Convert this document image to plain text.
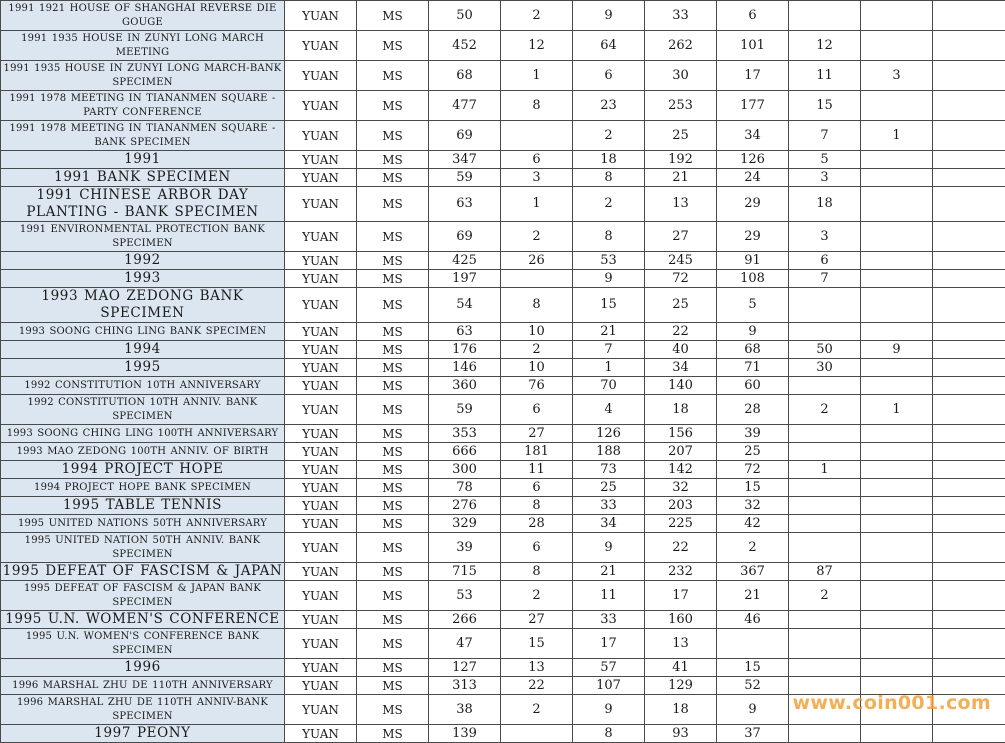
1991 1921 HOUSE OF SHANGHAI REVERSE DIE GOUGE	YUAN	MS	50	2	9	33	6			
1991 1935 HOUSE IN ZUNYI LONG MARCH MEETING	YUAN	MS	452	12	64	262	101	12		
1991 1935 HOUSE IN ZUNYI LONG MARCH-BANK SPECIMEN	YUAN	MS	68	1	6	30	17	11	3	
1991 1978 MEETING IN TIANANMEN SQUARE - PARTY CONFERENCE	YUAN	MS	477	8	23	253	177	15		
1991 1978 MEETING IN TIANANMEN SQUARE - BANK SPECIMEN	YUAN	MS	69		2	25	34	7	1	
1991	YUAN	MS	347	6	18	192	126	5		
1991 BANK SPECIMEN	YUAN	MS	59	3	8	21	24	3		
1991 CHINESE ARBOR DAY PLANTING - BANK SPECIMEN	YUAN	MS	63	1	2	13	29	18		
1991 ENVIRONMENTAL PROTECTION BANK SPECIMEN	YUAN	MS	69	2	8	27	29	3		
1992	YUAN	MS	425	26	53	245	91	6		
1993	YUAN	MS	197		9	72	108	7		
1993 MAO ZEDONG BANK SPECIMEN	YUAN	MS	54	8	15	25	5			
1993 SOONG CHING LING BANK SPECIMEN	YUAN	MS	63	10	21	22	9			
1994	YUAN	MS	176	2	7	40	68	50	9	
1995	YUAN	MS	146	10	1	34	71	30		
1992 CONSTITUTION 10TH ANNIVERSARY	YUAN	MS	360	76	70	140	60			
1992 CONSTITUTION 10TH ANNIV. BANK SPECIMEN	YUAN	MS	59	6	4	18	28	2	1	
1993 SOONG CHING LING 100TH ANNIVERSARY	YUAN	MS	353	27	126	156	39			
1993 MAO ZEDONG 100TH ANNIV. OF BIRTH	YUAN	MS	666	181	188	207	25			
1994 PROJECT HOPE	YUAN	MS	300	11	73	142	72	1		
1994 PROJECT HOPE BANK SPECIMEN	YUAN	MS	78	6	25	32	15			
1995 TABLE TENNIS	YUAN	MS	276	8	33	203	32			
1995 UNITED NATIONS 50TH ANNIVERSARY	YUAN	MS	329	28	34	225	42			
1995 UNITED NATION 50TH ANNIV. BANK SPECIMEN	YUAN	MS	39	6	9	22	2			
1995 DEFEAT OF FASCISM & JAPAN	YUAN	MS	715	8	21	232	367	87		
1995 DEFEAT OF FASCISM & JAPAN BANK SPECIMEN	YUAN	MS	53	2	11	17	21	2		
1995 U.N. WOMEN'S CONFERENCE	YUAN	MS	266	27	33	160	46			
1995 U.N. WOMEN'S CONFERENCE BANK SPECIMEN	YUAN	MS	47	15	17	13				
1996	YUAN	MS	127	13	57	41	15			
1996 MARSHAL ZHU DE 110TH ANNIVERSARY	YUAN	MS	313	22	107	129	52			
1996 MARSHAL ZHU DE 110TH ANNIV-BANK SPECIMEN	YUAN	MS	38	2	9	18	9			
1997 PEONY	YUAN	MS	139		8	93	37			
www.coin001.com
